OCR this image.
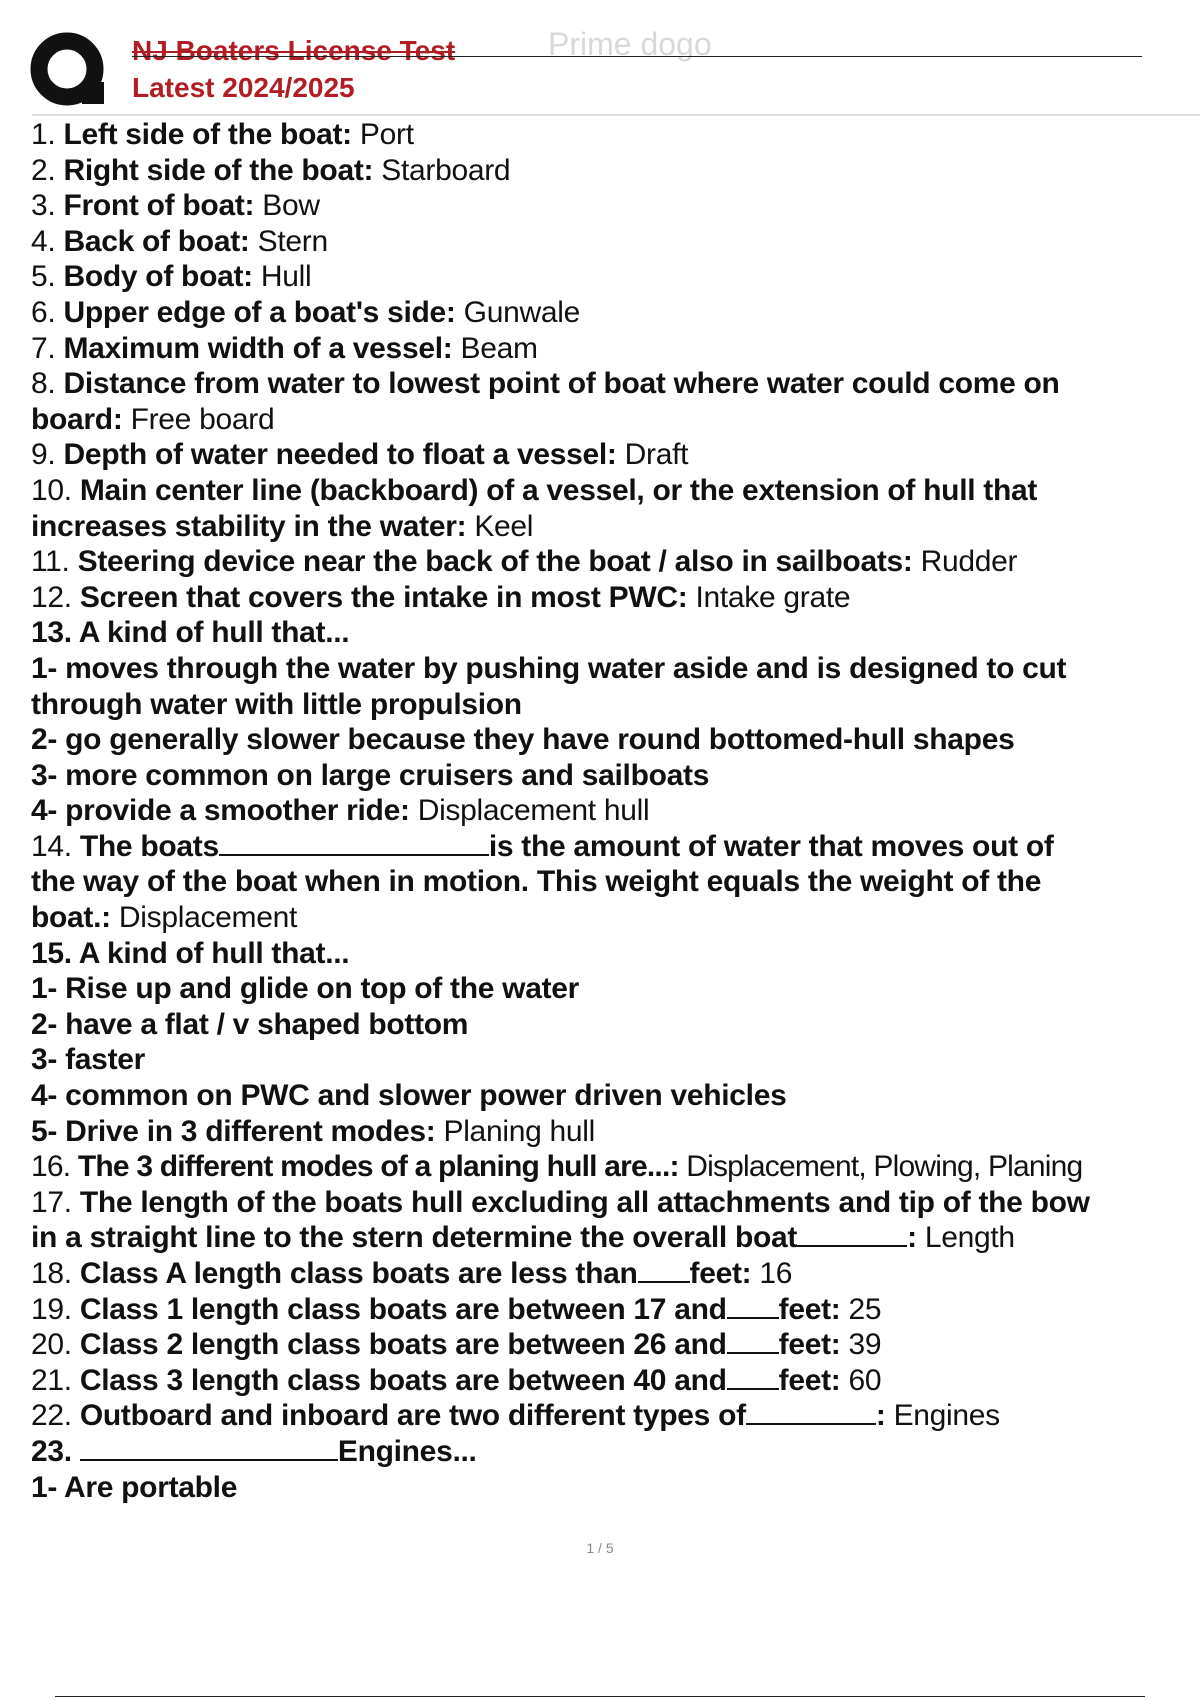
NJ Boaters License Test
Latest 2024/2025
Prime dogo
1. Left side of the boat: Port
2. Right side of the boat: Starboard
3. Front of boat: Bow
4. Back of boat: Stern
5. Body of boat: Hull
6. Upper edge of a boat's side: Gunwale
7. Maximum width of a vessel: Beam
8. Distance from water to lowest point of boat where water could come on
board: Free board
9. Depth of water needed to float a vessel: Draft
10. Main center line (backboard) of a vessel, or the extension of hull that
increases stability in the water: Keel
11. Steering device near the back of the boat / also in sailboats: Rudder
12. Screen that covers the intake in most PWC: Intake grate
13. A kind of hull that...
1- moves through the water by pushing water aside and is designed to cut
through water with little propulsion
2- go generally slower because they have round bottomed-hull shapes
3- more common on large cruisers and sailboats
4- provide a smoother ride: Displacement hull
14. The boats	is the amount of water that moves out of
the way of the boat when in motion. This weight equals the weight of the
boat.: Displacement
15. A kind of hull that...
1- Rise up and glide on top of the water
2- have a flat / v shaped bottom
3- faster
4- common on PWC and slower power driven vehicles
5- Drive in 3 different modes: Planing hull
16. The 3 different modes of a planing hull are...: Displacement, Plowing, Planing
17. The length of the boats hull excluding all attachments and tip of the bow
in a straight line to the stern determine the overall boat	: Length
18. Class A length class boats are less than feet: 16
19. Class 1 length class boats are between 17 and feet: 25
20. Class 2 length class boats are between 26 and feet: 39
21. Class 3 length class boats are between 40 and feet: 60
22. Outboard and inboard are two different types of	: Engines
23.	Engines...
1- Are portable
1 / 5
